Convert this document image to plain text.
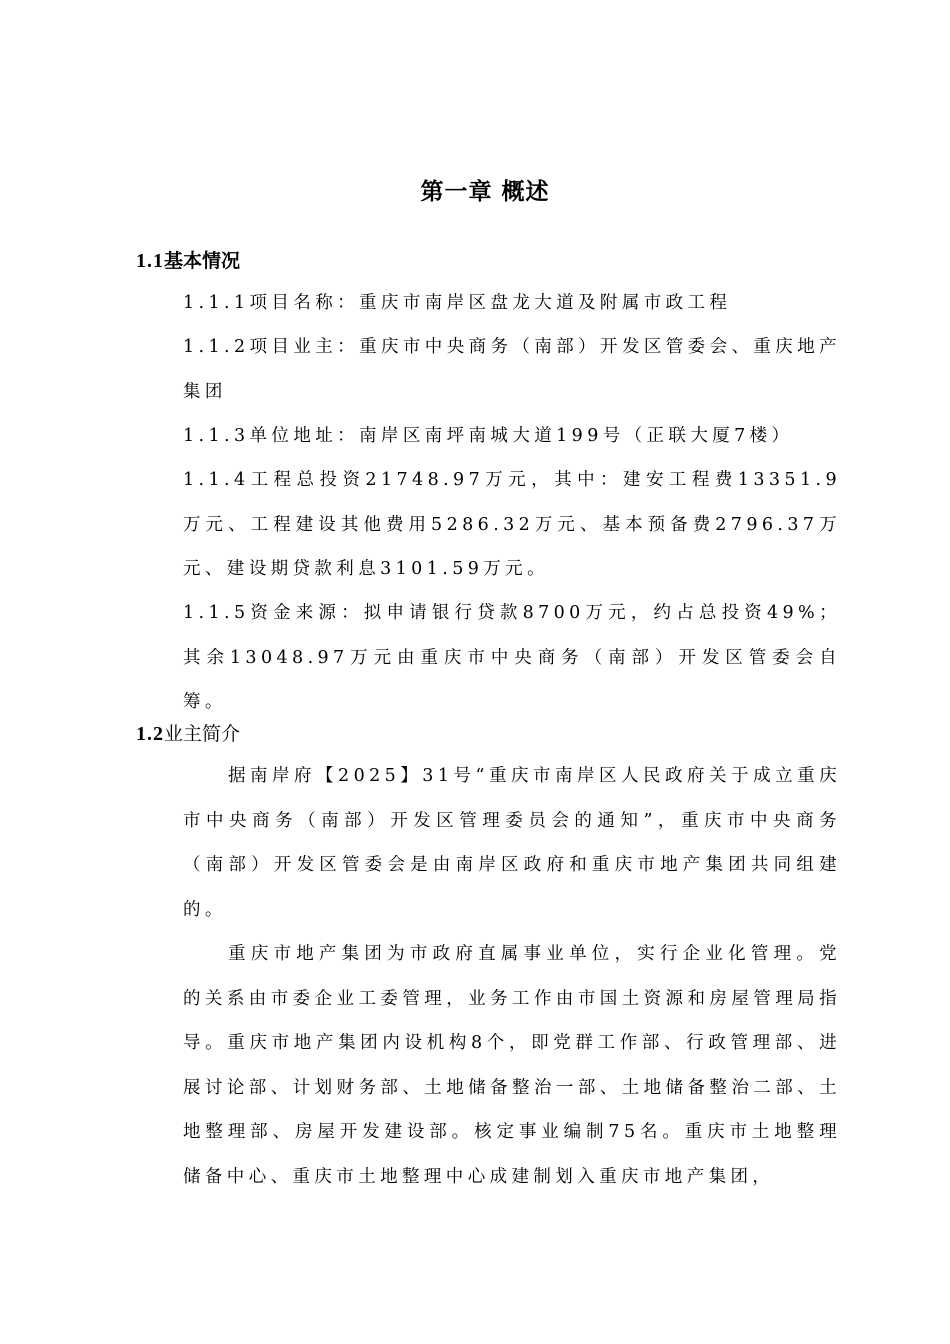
第一章 概述
1.1基本情况

1.1.1项目名称：重庆市南岸区盘龙大道及附属市政工程

1.1.2项目业主：重庆市中央商务（南部）开发区管委会、重庆地产集团

1.1.3单位地址：南岸区南坪南城大道199号（正联大厦7楼）

1.1.4工程总投资21748.97万元，其中：建安工程费13351.9万元、工程建设其他费用5286.32万元、基本预备费2796.37万元、建设期贷款利息3101.59万元。

1.1.5资金来源：拟申请银行贷款8700万元，约占总投资49%；其余13048.97万元由重庆市中央商务（南部）开发区管委会自筹。

1.2业主简介

据南岸府【2025】31号“重庆市南岸区人民政府关于成立重庆市中央商务（南部）开发区管理委员会的通知”，重庆市中央商务（南部）开发区管委会是由南岸区政府和重庆市地产集团共同组建的。

重庆市地产集团为市政府直属事业单位，实行企业化管理。党的关系由市委企业工委管理，业务工作由市国土资源和房屋管理局指导。重庆市地产集团内设机构8个，即党群工作部、行政管理部、进展讨论部、计划财务部、土地储备整治一部、土地储备整治二部、土地整理部、房屋开发建设部。核定事业编制75名。重庆市土地整理储备中心、重庆市土地整理中心成建制划入重庆市地产集团，
